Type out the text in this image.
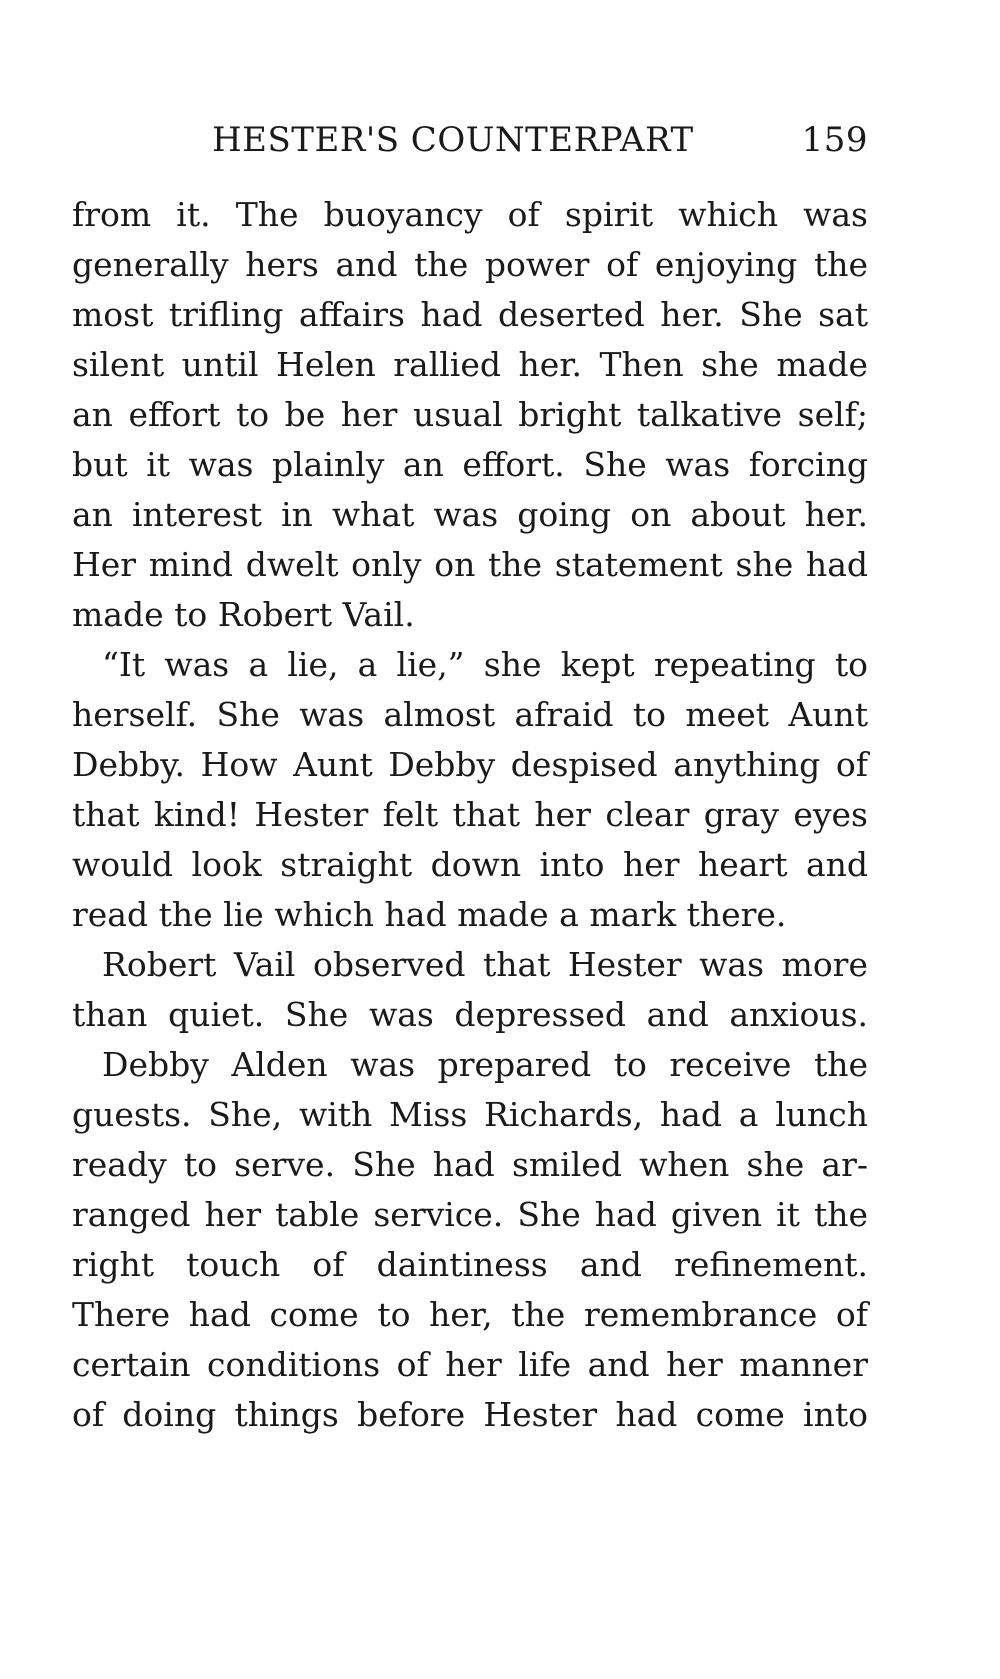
HESTER'S COUNTERPART	159
from it. The buoyancy of spirit which was
generally hers and the power of enjoying the
most trifling affairs had deserted her. She sat
silent until Helen rallied her. Then she made
an effort to be her usual bright talkative self;
but it was plainly an effort. She was forcing
an interest in what was going on about her.
Her mind dwelt only on the statement she had
made to Robert Vail.
“It was a lie, a lie,” she kept repeating to
herself. She was almost afraid to meet Aunt
Debby. How Aunt Debby despised anything of
that kind! Hester felt that her clear gray eyes
would look straight down into her heart and
read the lie which had made a mark there.
Robert Vail observed that Hester was more
than quiet. She was depressed and anxious.
Debby Alden was prepared to receive the
guests. She, with Miss Richards, had a lunch
ready to serve. She had smiled when she ar-
ranged her table service. She had given it the
right touch of daintiness and refinement.
There had come to her, the remembrance of
certain conditions of her life and her manner
of doing things before Hester had come into
